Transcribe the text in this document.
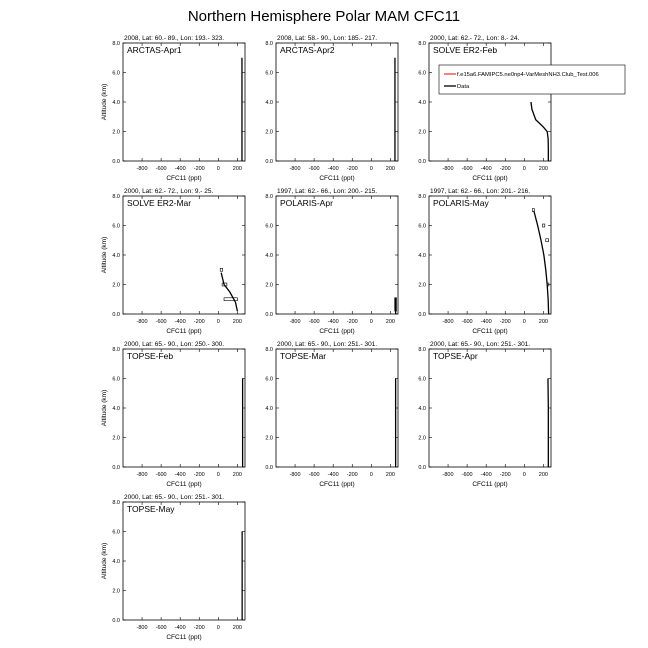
Northern Hemisphere Polar MAM CFC11
2008, Lat: 60.- 89., Lon: 193.- 323.
-800 -600 -400 -200 0 200
0.0
2.0
4.0
6.0
8.0
CFC11 (ppt)
Altitude (km)
ARCTAS-Apr1
2008, Lat: 58.- 90., Lon: 185.- 217.
-800 -600 -400 -200 0 200
0.0
2.0
4.0
6.0
8.0
CFC11 (ppt)
ARCTAS-Apr2
2000, Lat: 62.- 72., Lon: 8.- 24.
-800 -600 -400 -200 0 200
0.0
2.0
4.0
6.0
8.0
CFC11 (ppt)
SOLVE ER2-Feb
f.e15a6.FAMIPC5.ne0np4-VarMeshNH3.Club_Test.006
Data
2000, Lat: 62.- 72., Lon: 9.- 25.
-800 -600 -400 -200 0 200
0.0
2.0
4.0
6.0
8.0
CFC11 (ppt)
Altitude (km)
SOLVE ER2-Mar
1997, Lat: 62.- 66., Lon: 200.- 215.
-800 -600 -400 -200 0 200
0.0
2.0
4.0
6.0
8.0
CFC11 (ppt)
POLARIS-Apr
1997, Lat: 62.- 66., Lon: 201.- 216.
-800 -600 -400 -200 0 200
0.0
2.0
4.0
6.0
8.0
CFC11 (ppt)
POLARIS-May
2000, Lat: 65.- 90., Lon: 250.- 300.
-800 -600 -400 -200 0 200
0.0
2.0
4.0
6.0
8.0
CFC11 (ppt)
Altitude (km)
TOPSE-Feb
2000, Lat: 65.- 90., Lon: 251.- 301.
-800 -600 -400 -200 0 200
0.0
2.0
4.0
6.0
8.0
CFC11 (ppt)
TOPSE-Mar
2000, Lat: 65.- 90., Lon: 251.- 301.
-800 -600 -400 -200 0 200
0.0
2.0
4.0
6.0
8.0
CFC11 (ppt)
TOPSE-Apr
2000, Lat: 65.- 90., Lon: 251.- 301.
-800 -600 -400 -200 0 200
0.0
2.0
4.0
6.0
8.0
CFC11 (ppt)
Altitude (km)
TOPSE-May
